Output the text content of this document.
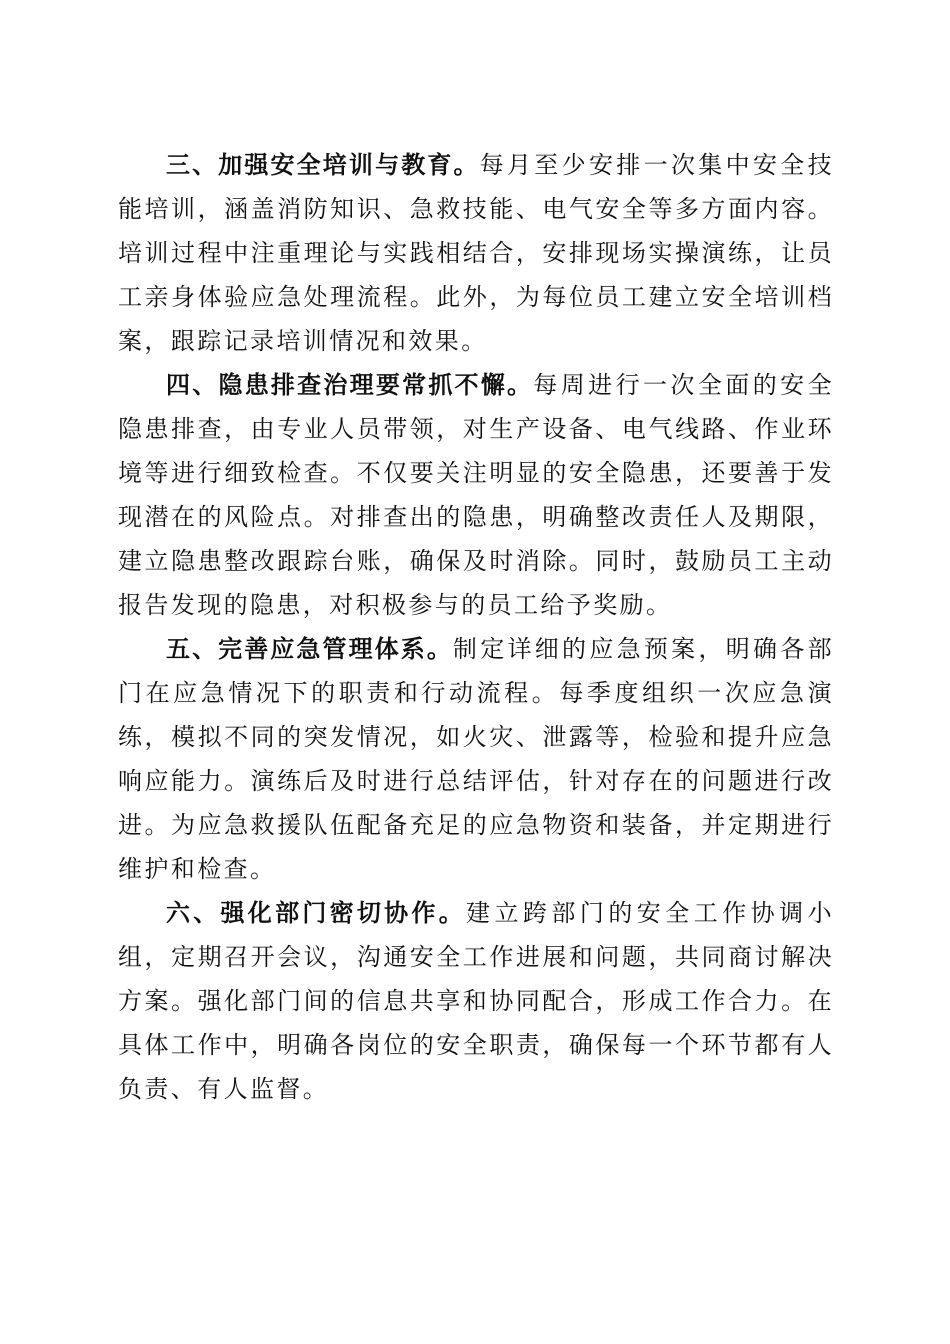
三、加强安全培训与教育。每月至少安排一次集中安全技能培训，涵盖消防知识、急救技能、电气安全等多方面内容。培训过程中注重理论与实践相结合，安排现场实操演练，让员工亲身体验应急处理流程。此外，为每位员工建立安全培训档案，跟踪记录培训情况和效果。

四、隐患排查治理要常抓不懈。每周进行一次全面的安全隐患排查，由专业人员带领，对生产设备、电气线路、作业环境等进行细致检查。不仅要关注明显的安全隐患，还要善于发现潜在的风险点。对排查出的隐患，明确整改责任人及期限，建立隐患整改跟踪台账，确保及时消除。同时，鼓励员工主动报告发现的隐患，对积极参与的员工给予奖励。

五、完善应急管理体系。制定详细的应急预案，明确各部门在应急情况下的职责和行动流程。每季度组织一次应急演练，模拟不同的突发情况，如火灾、泄露等，检验和提升应急响应能力。演练后及时进行总结评估，针对存在的问题进行改进。为应急救援队伍配备充足的应急物资和装备，并定期进行维护和检查。

六、强化部门密切协作。建立跨部门的安全工作协调小组，定期召开会议，沟通安全工作进展和问题，共同商讨解决方案。强化部门间的信息共享和协同配合，形成工作合力。在具体工作中，明确各岗位的安全职责，确保每一个环节都有人负责、有人监督。
